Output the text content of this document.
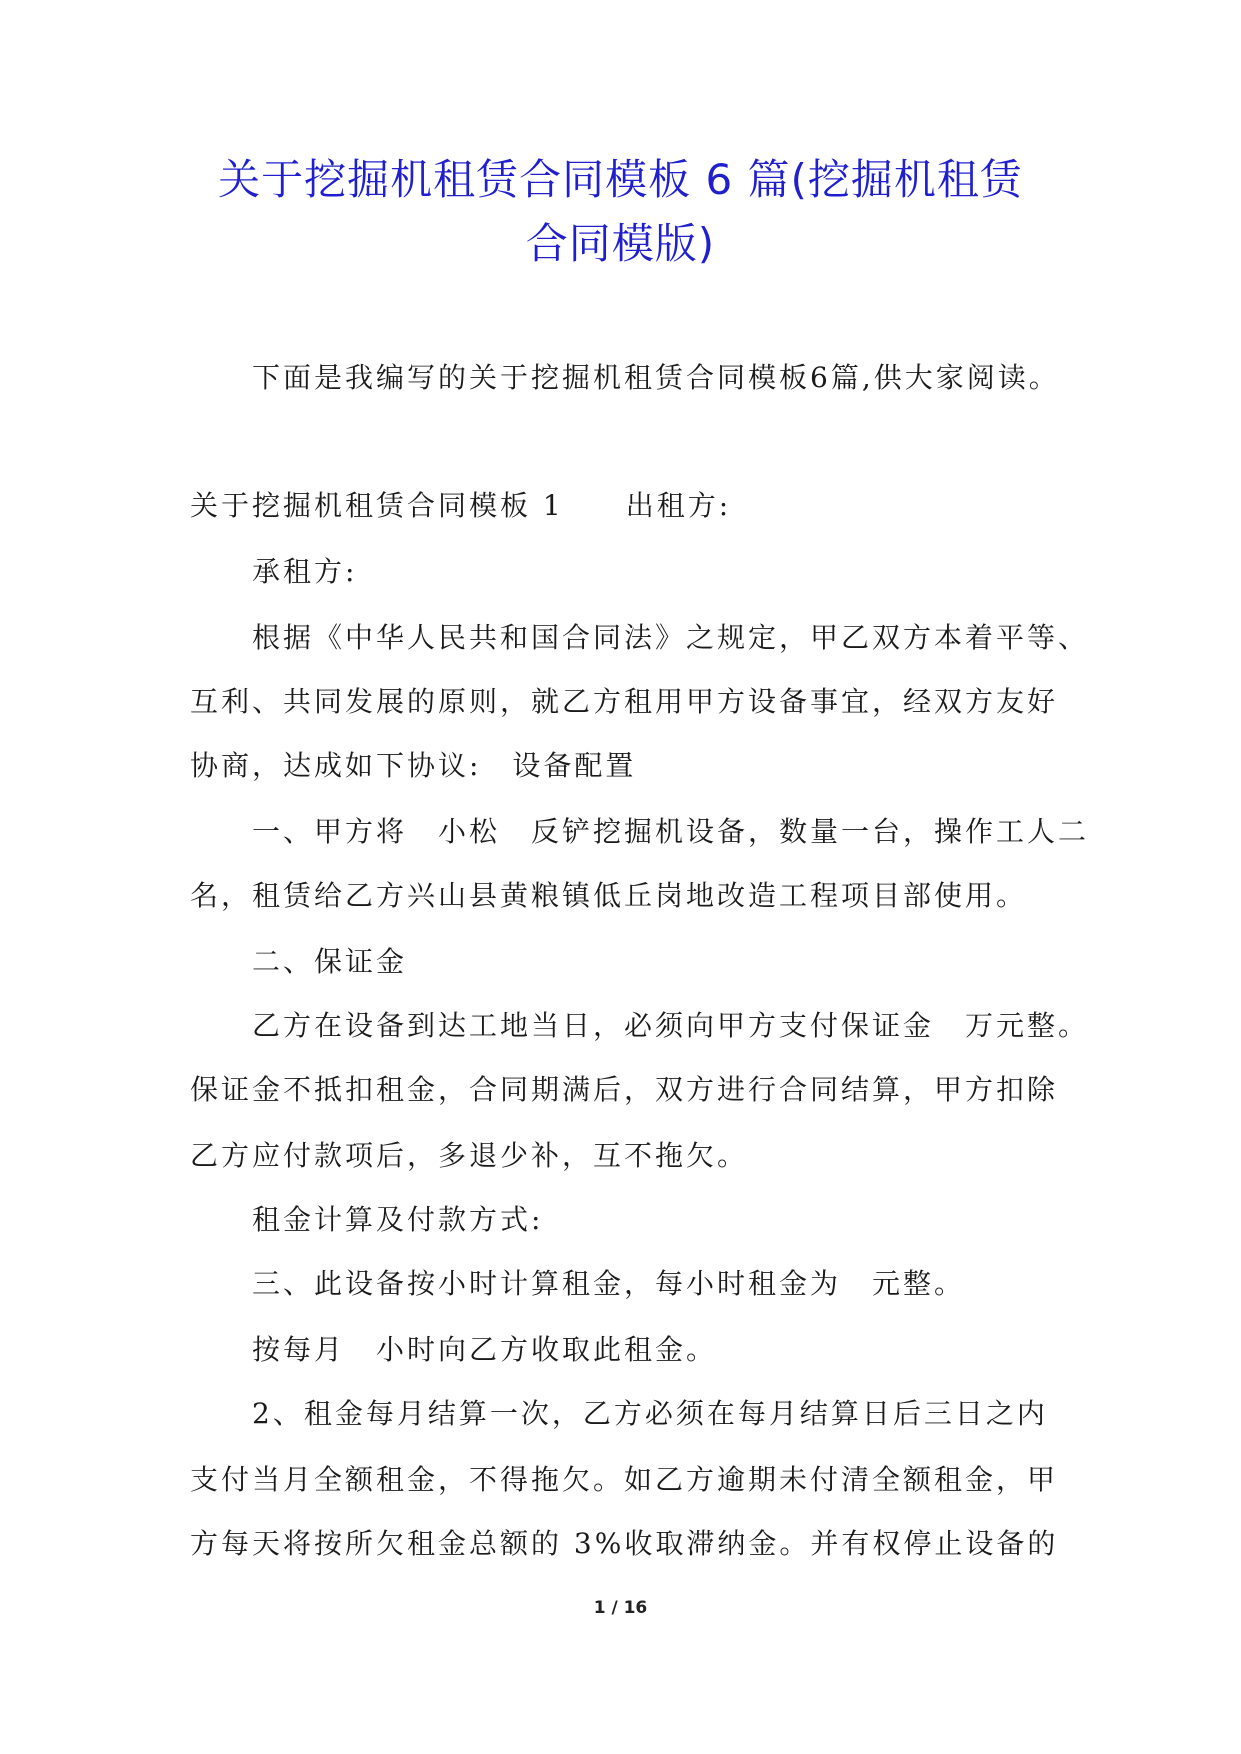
关于挖掘机租赁合同模板 6 篇(挖掘机租赁
合同模版)
下面是我编写的关于挖掘机租赁合同模板6篇,供大家阅读。
关于挖掘机租赁合同模板 1　　出租方:
承租方:
根据《中华人民共和国合同法》之规定，甲乙双方本着平等、
互利、共同发展的原则，就乙方租用甲方设备事宜，经双方友好
协商，达成如下协议:　设备配置
一、甲方将　小松　反铲挖掘机设备，数量一台，操作工人二
名，租赁给乙方兴山县黄粮镇低丘岗地改造工程项目部使用。
二、保证金
乙方在设备到达工地当日，必须向甲方支付保证金　万元整。
保证金不抵扣租金，合同期满后，双方进行合同结算，甲方扣除
乙方应付款项后，多退少补，互不拖欠。
租金计算及付款方式:
三、此设备按小时计算租金，每小时租金为　元整。
按每月　小时向乙方收取此租金。
2、租金每月结算一次，乙方必须在每月结算日后三日之内
支付当月全额租金，不得拖欠。如乙方逾期未付清全额租金，甲
方每天将按所欠租金总额的 3%收取滞纳金。并有权停止设备的
1 / 16
